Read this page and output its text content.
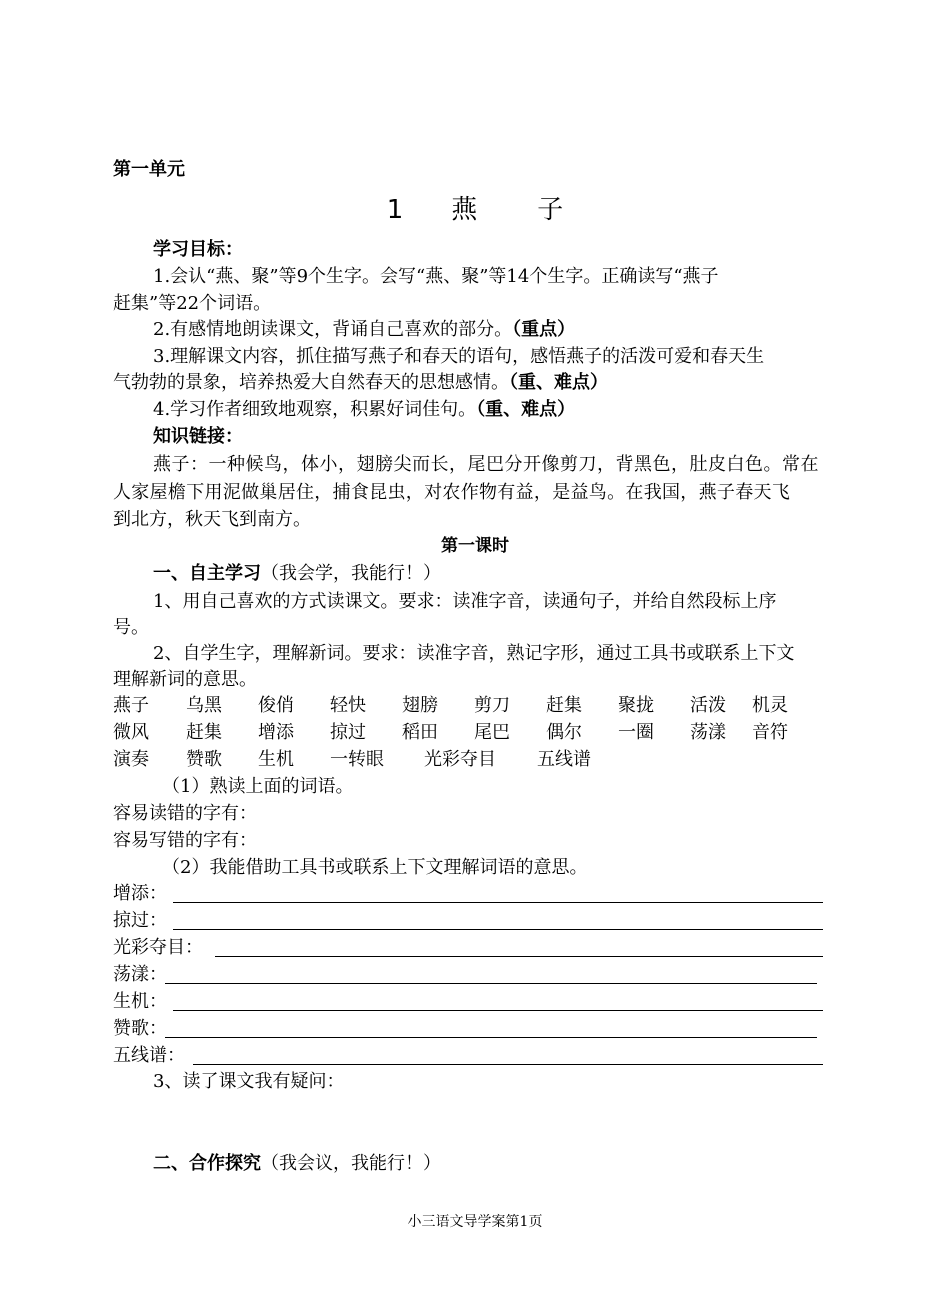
第一单元
1 燕 子
学习目标：
1.会认“燕、聚”等9个生字。会写“燕、聚”等14个生字。正确读写“燕子
赶集”等22个词语。
2.有感情地朗读课文，背诵自己喜欢的部分。（重点）
3.理解课文内容，抓住描写燕子和春天的语句，感悟燕子的活泼可爱和春天生
气勃勃的景象，培养热爱大自然春天的思想感情。（重、难点）
4.学习作者细致地观察，积累好词佳句。（重、难点）
知识链接：
燕子：一种候鸟，体小，翅膀尖而长，尾巴分开像剪刀，背黑色，肚皮白色。常在
人家屋檐下用泥做巢居住，捕食昆虫，对农作物有益，是益鸟。在我国，燕子春天飞
到北方，秋天飞到南方。
第一课时
一、自主学习（我会学，我能行！）
1、用自己喜欢的方式读课文。要求：读准字音，读通句子，并给自然段标上序
号。
2、自学生字，理解新词。要求：读准字音，熟记字形，通过工具书或联系上下文
理解新词的意思。
燕子 乌黑 俊俏 轻快 翅膀 剪刀 赶集 聚拢 活泼 机灵
微风 赶集 增添 掠过 稻田 尾巴 偶尔 一圈 荡漾 音符
演奏 赞歌 生机 一转眼 光彩夺目 五线谱
（1）熟读上面的词语。
容易读错的字有：
容易写错的字有：
（2）我能借助工具书或联系上下文理解词语的意思。
增添：
掠过：
光彩夺目：
荡漾：
生机：
赞歌：
五线谱：
3、读了课文我有疑问：
二、合作探究（我会议，我能行！）
小三语文导学案第1页
